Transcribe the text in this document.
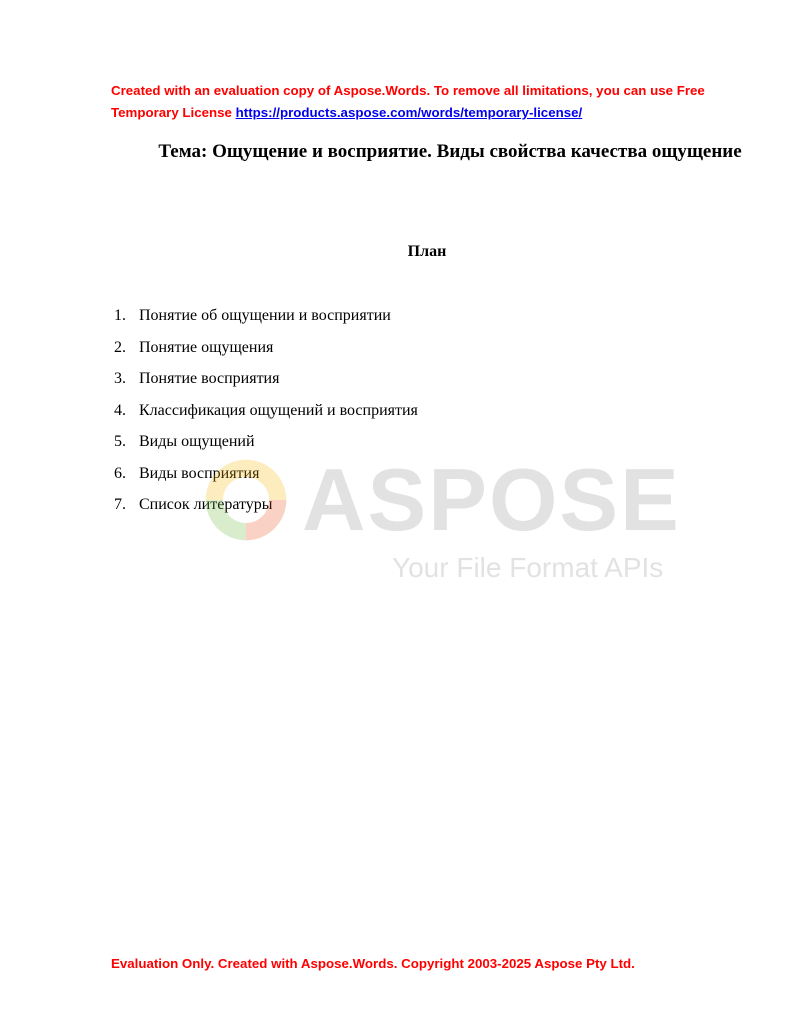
Created with an evaluation copy of Aspose.Words. To remove all limitations, you can use Free Temporary License https://products.aspose.com/words/temporary-license/
Тема: Ощущение и восприятие. Виды свойства качества ощущение
План
1. Понятие об ощущении и восприятии
2. Понятие ощущения
3. Понятие восприятия
4. Классификация ощущений и восприятия
5. Виды ощущений
6. Виды восприятия
7. Список литературы ASPOSE
Your File Format APIs
Evaluation Only. Created with Aspose.Words. Copyright 2003-2025 Aspose Pty Ltd.
